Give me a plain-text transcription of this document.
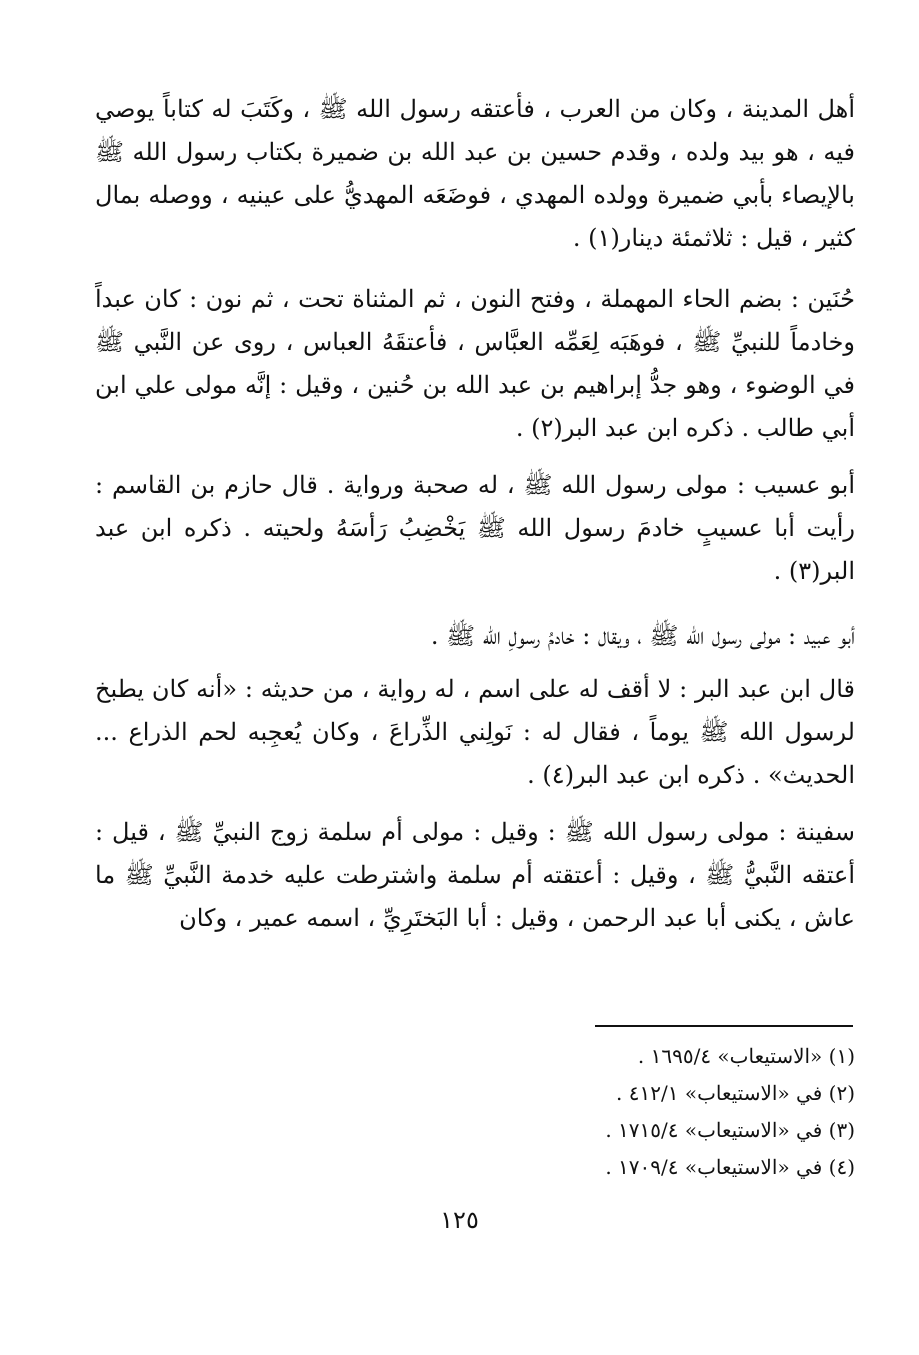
أهل المدينة ، وكان من العرب ، فأعتقه رسول الله ﷺ ، وكَتَبَ له كتاباً يوصي فيه ، هو بيد ولده ، وقدم حسين بن عبد الله بن ضميرة بكتاب رسول الله ﷺ بالإيصاء بأبي ضميرة وولده المهدي ، فوضَعَه المهديُّ على عينيه ، ووصله بمال كثير ، قيل : ثلاثمئة دينار(١) .

حُنَين : بضم الحاء المهملة ، وفتح النون ، ثم المثناة تحت ، ثم نون : كان عبداً وخادماً للنبيِّ ﷺ ، فوهَبَه لِعَمِّه العبَّاس ، فأعتقَهُ العباس ، روى عن النَّبي ﷺ في الوضوء ، وهو جدُّ إبراهيم بن عبد الله بن حُنين ، وقيل : إنَّه مولى علي ابن أبي طالب . ذكره ابن عبد البر(٢) .

أبو عسيب : مولى رسول الله ﷺ ، له صحبة ورواية . قال حازم بن القاسم : رأيت أبا عسيبٍ خادمَ رسول الله ﷺ يَخْضِبُ رَأسَهُ ولحيته . ذكره ابن عبد البر(٣) .

أبو عبيد : مولى رسول الله ﷺ ، ويقال : خادمُ رسولِ الله ﷺ .

قال ابن عبد البر : لا أقف له على اسم ، له رواية ، من حديثه : «أنه كان يطبخ لرسول الله ﷺ يوماً ، فقال له : نَولِني الذِّراعَ ، وكان يُعجِبه لحم الذراع ... الحديث» . ذكره ابن عبد البر(٤) .

سفينة : مولى رسول الله ﷺ : وقيل : مولى أم سلمة زوج النبيِّ ﷺ ، قيل : أعتقه النَّبيُّ ﷺ ، وقيل : أعتقته أم سلمة واشترطت عليه خدمة النَّبيِّ ﷺ ما عاش ، يكنى أبا عبد الرحمن ، وقيل : أبا البَختَرِيِّ ، اسمه عمير ، وكان

(١) «الاستيعاب» ١٦٩٥/٤ .

(٢) في «الاستيعاب» ٤١٢/١ .

(٣) في «الاستيعاب» ١٧١٥/٤ .

(٤) في «الاستيعاب» ١٧٠٩/٤ .

١٢٥
